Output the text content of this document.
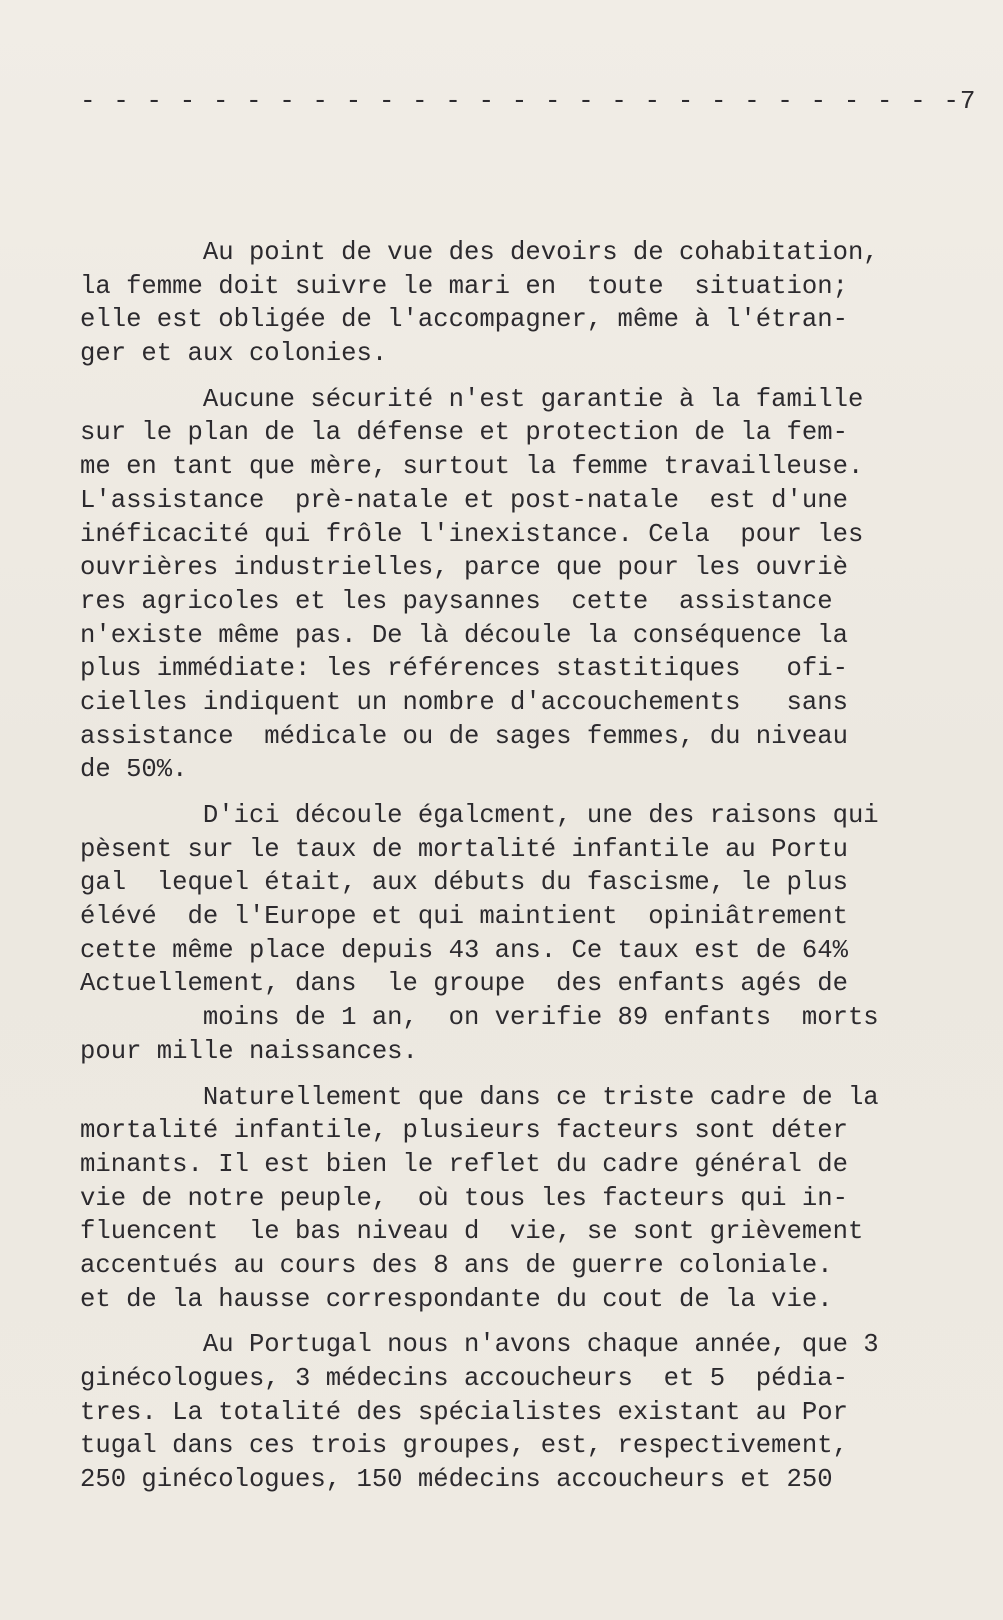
- - - - - - - - - - - - - - - - - - - - - - - - - - -7
Au point de vue des devoirs de cohabitation,
la femme doit suivre le mari en  toute  situation;
elle est obligée de l'accompagner, même à l'étran-
ger et aux colonies.
Aucune sécurité n'est garantie à la famille
sur le plan de la défense et protection de la fem-
me en tant que mère, surtout la femme travailleuse.
L'assistance  prè-natale et post-natale  est d'une
inéficacité qui frôle l'inexistance. Cela  pour les
ouvrières industrielles, parce que pour les ouvriè
res agricoles et les paysannes  cette  assistance
n'existe même pas. De là découle la conséquence la
plus immédiate: les références stastitiques   ofi-
cielles indiquent un nombre d'accouchements   sans
assistance  médicale ou de sages femmes, du niveau
de 50%.
D'ici découle égalcment, une des raisons qui
pèsent sur le taux de mortalité infantile au Portu
gal  lequel était, aux débuts du fascisme, le plus
élévé  de l'Europe et qui maintient  opiniâtrement
cette même place depuis 43 ans. Ce taux est de 64%
Actuellement, dans  le groupe  des enfants agés de
moins de 1 an,  on verifie 89 enfants  morts
pour mille naissances.
Naturellement que dans ce triste cadre de la
mortalité infantile, plusieurs facteurs sont déter
minants. Il est bien le reflet du cadre général de
vie de notre peuple,  où tous les facteurs qui in-
fluencent  le bas niveau d  vie, se sont grièvement
accentués au cours des 8 ans de guerre coloniale.
et de la hausse correspondante du cout de la vie.
Au Portugal nous n'avons chaque année, que 3
ginécologues, 3 médecins accoucheurs  et 5  pédia-
tres. La totalité des spécialistes existant au Por
tugal dans ces trois groupes, est, respectivement,
250 ginécologues, 150 médecins accoucheurs et 250
